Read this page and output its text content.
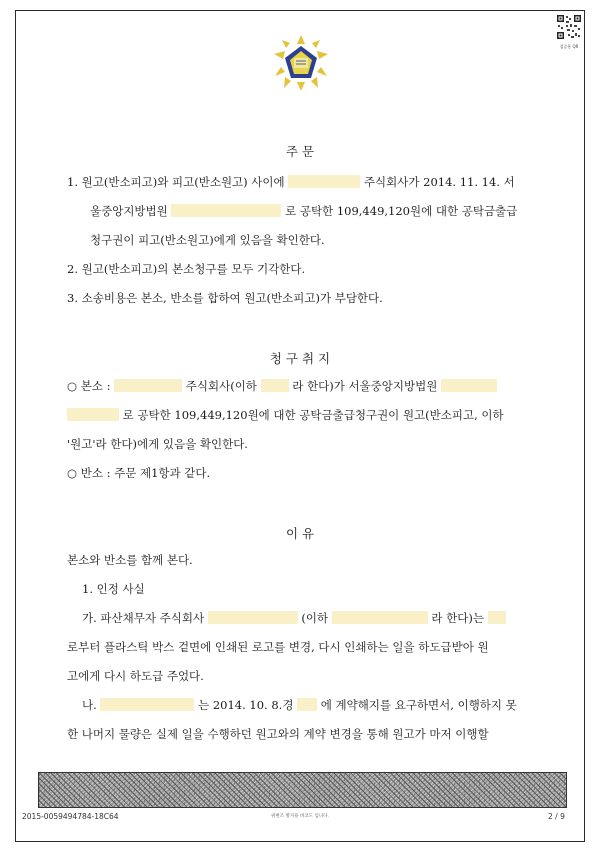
검증용 QR
주 문
1. 원고(반소피고)와 피고(반소원고) 사이에	주식회사가 2014. 11. 14. 서
울중앙지방법원	로 공탁한 109,449,120원에 대한 공탁금출급
청구권이 피고(반소원고)에게 있음을 확인한다.
2. 원고(반소피고)의 본소청구를 모두 기각한다.
3. 소송비용은 본소, 반소를 합하여 원고(반소피고)가 부담한다.
청 구 취 지
○ 본소 :	주식회사(이하	라 한다)가 서울중앙지방법원
로 공탁한 109,449,120원에 대한 공탁금출급청구권이 원고(반소피고, 이하
'원고'라 한다)에게 있음을 확인한다.
○ 반소 : 주문 제1항과 같다.
이 유
본소와 반소를 함께 본다.
1. 인정 사실
가. 파산채무자 주식회사	(이하	라 한다)는
로부터 플라스틱 박스 겉면에 인쇄된 로고를 변경, 다시 인쇄하는 일을 하도급받아 원
고에게 다시 하도급 주었다.
나.	는 2014. 10. 8.경 에 계약해지를 요구하면서, 이행하지 못
한 나머지 물량은 실제 일을 수행하던 원고와의 계약 변경을 통해 원고가 마저 이행할
2015-0059494784-18C64	위변조 방지용 바코드 입니다.	2 / 9
